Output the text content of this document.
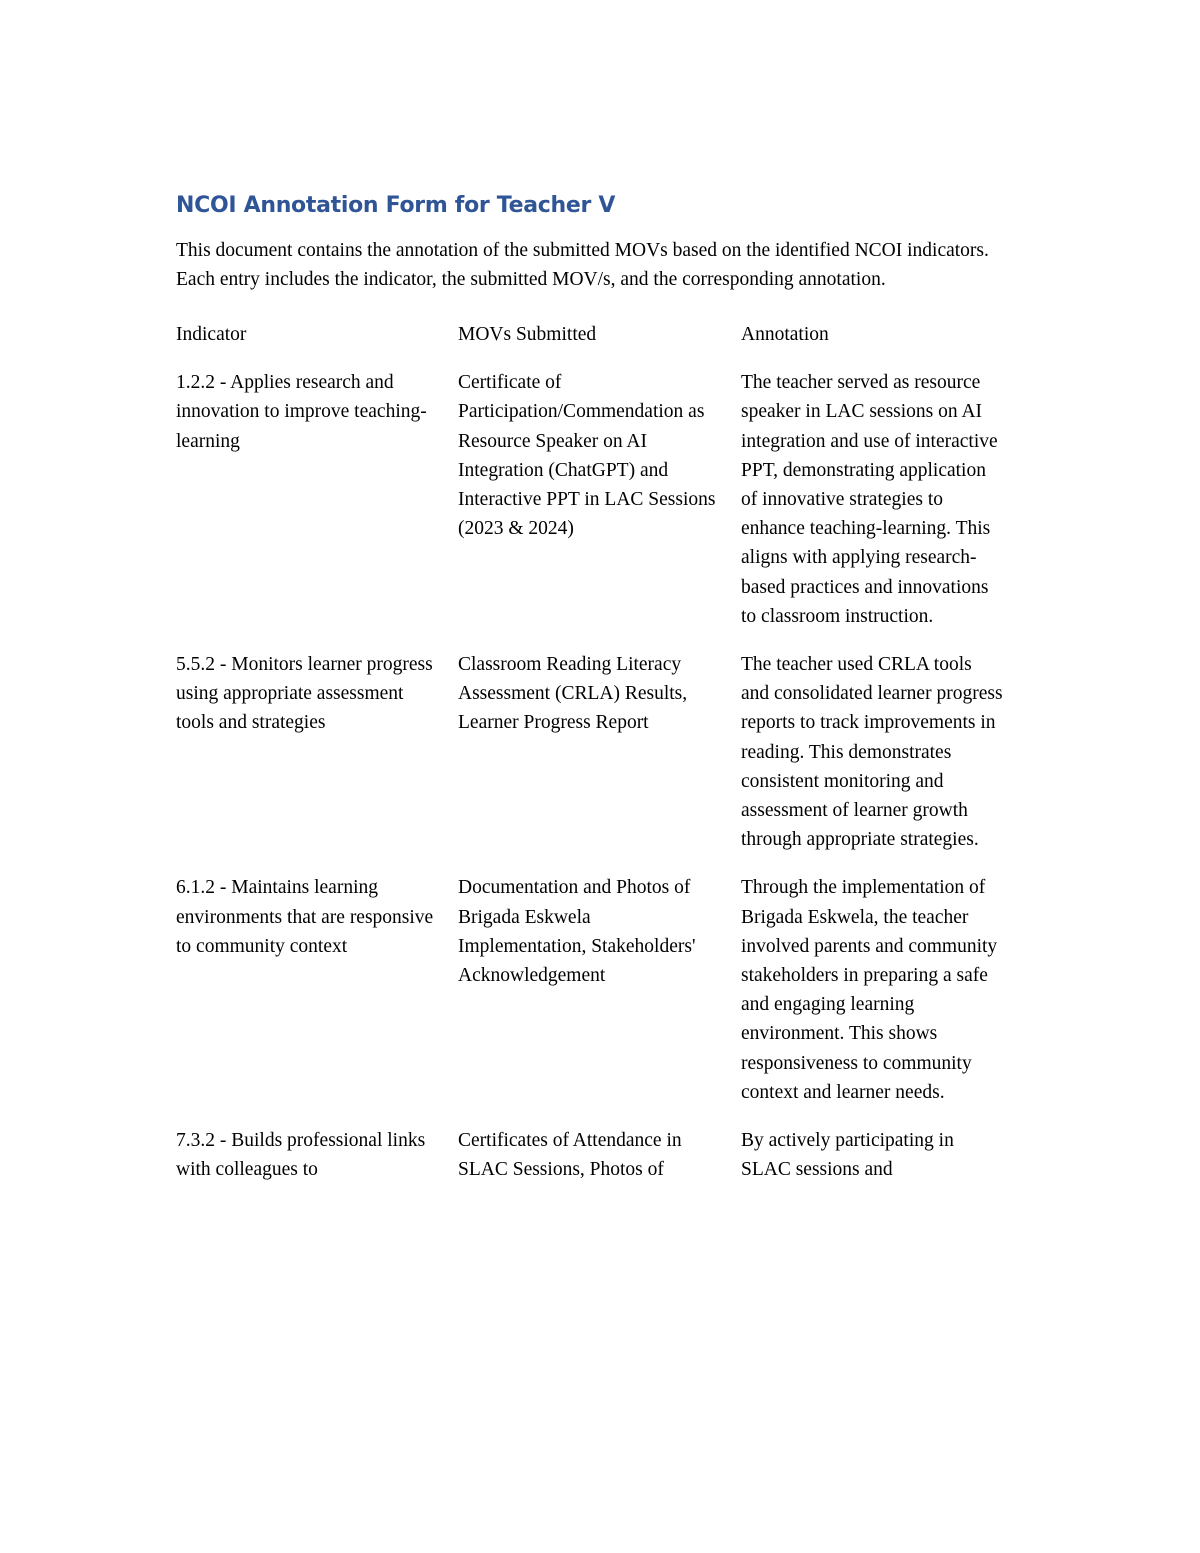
NCOI Annotation Form for Teacher V

This document contains the annotation of the submitted MOVs based on the identified NCOI indicators. Each entry includes the indicator, the submitted MOV/s, and the corresponding annotation.

Indicator	MOVs Submitted	Annotation

1.2.2 - Applies research and innovation to improve teaching-learning	Certificate of Participation/Commendation as Resource Speaker on AI Integration (ChatGPT) and Interactive PPT in LAC Sessions (2023 & 2024)	The teacher served as resource speaker in LAC sessions on AI integration and use of interactive PPT, demonstrating application of innovative strategies to enhance teaching-learning. This aligns with applying research-based practices and innovations to classroom instruction.

5.5.2 - Monitors learner progress using appropriate assessment tools and strategies	Classroom Reading Literacy Assessment (CRLA) Results, Learner Progress Report	The teacher used CRLA tools and consolidated learner progress reports to track improvements in reading. This demonstrates consistent monitoring and assessment of learner growth through appropriate strategies.

6.1.2 - Maintains learning environments that are responsive to community context	Documentation and Photos of Brigada Eskwela Implementation, Stakeholders' Acknowledgement	Through the implementation of Brigada Eskwela, the teacher involved parents and community stakeholders in preparing a safe and engaging learning environment. This shows responsiveness to community context and learner needs.

7.3.2 - Builds professional links with colleagues to	Certificates of Attendance in SLAC Sessions, Photos of	By actively participating in SLAC sessions and
